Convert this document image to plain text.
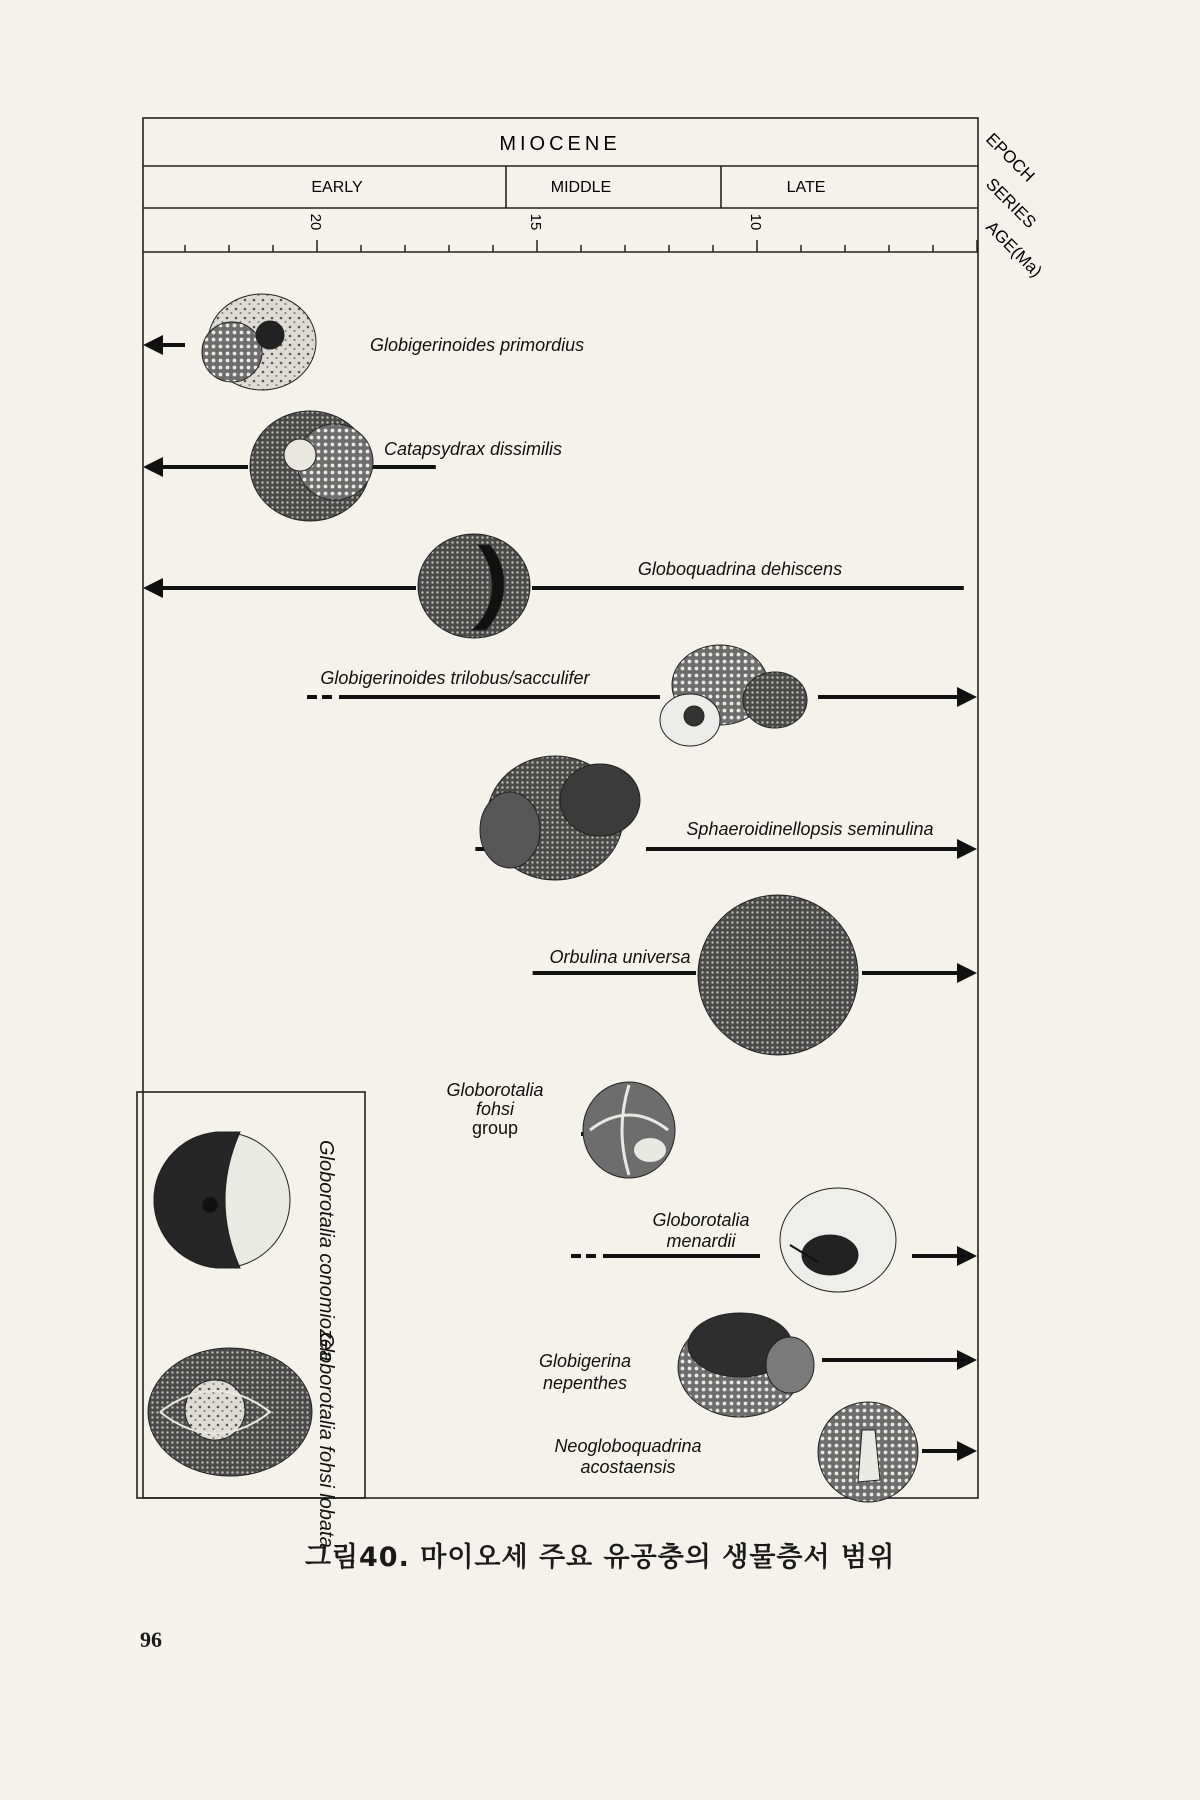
20	15	10
MIOCENE
EARLY	MIDDLE	LATE
EPOCH
SERIES
AGE(Ma)
Globigerinoides primordius
Catapsydrax dissimilis
Globoquadrina dehiscens
Globigerinoides trilobus/sacculifer
Sphaeroidinellopsis seminulina
Orbulina universa
Globorotalia
fohsi
group
Globorotalia
menardii
Globigerina
nepenthes
Neogloboquadrina
acostaensis
Globorotalia conomiozea
Globorotalia fohsi lobata
그림40. 마이오세 주요 유공충의 생물층서 범위
96
